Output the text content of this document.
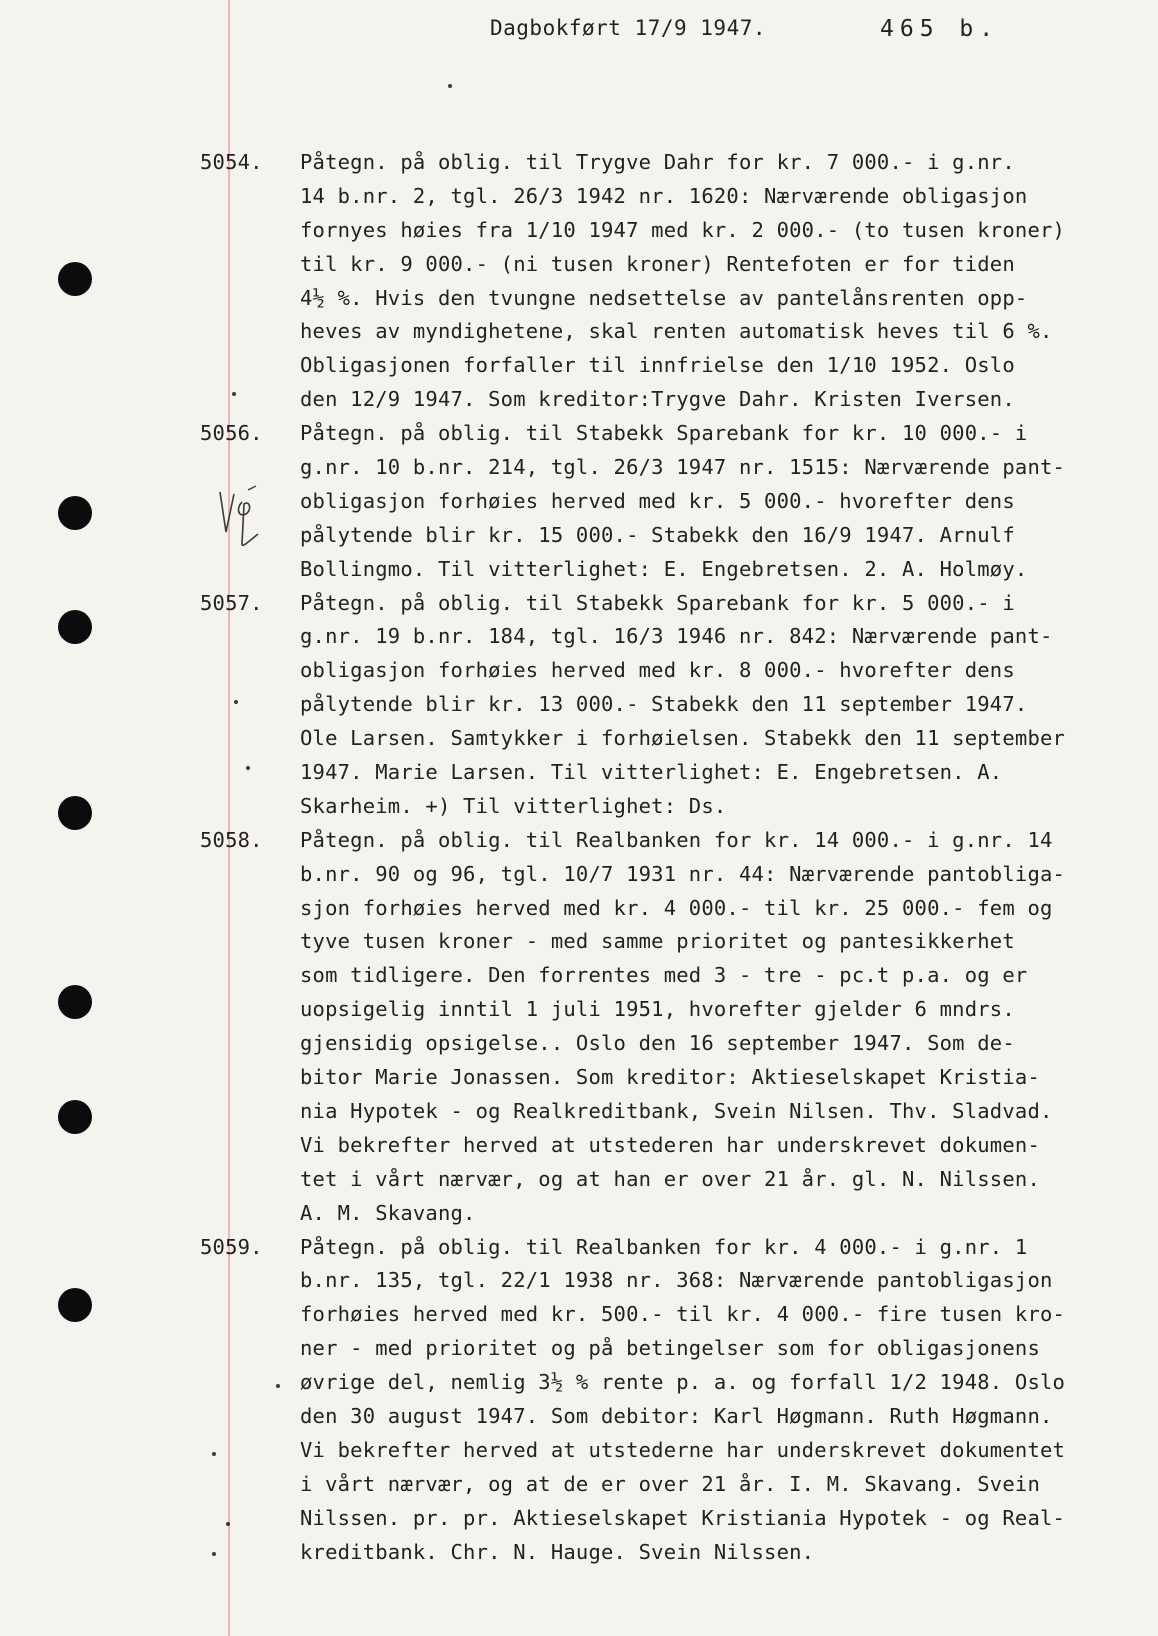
Dagbokført 17/9 1947.	465 b.
5054. Påtegn. på oblig. til Trygve Dahr for kr. 7 000.- i g.nr.
14 b.nr. 2, tgl. 26/3 1942 nr. 1620: Nærværende obligasjon
fornyes høies fra 1/10 1947 med kr. 2 000.- (to tusen kroner)
til kr. 9 000.- (ni tusen kroner) Rentefoten er for tiden
4½ %. Hvis den tvungne nedsettelse av pantelånsrenten opp-
heves av myndighetene, skal renten automatisk heves til 6 %.
Obligasjonen forfaller til innfrielse den 1/10 1952. Oslo
den 12/9 1947. Som kreditor:Trygve Dahr. Kristen Iversen.
5056. Påtegn. på oblig. til Stabekk Sparebank for kr. 10 000.- i
g.nr. 10 b.nr. 214, tgl. 26/3 1947 nr. 1515: Nærværende pant-
obligasjon forhøies herved med kr. 5 000.- hvorefter dens
pålytende blir kr. 15 000.- Stabekk den 16/9 1947. Arnulf
Bollingmo. Til vitterlighet: E. Engebretsen. 2. A. Holmøy.
5057. Påtegn. på oblig. til Stabekk Sparebank for kr. 5 000.- i
g.nr. 19 b.nr. 184, tgl. 16/3 1946 nr. 842: Nærværende pant-
obligasjon forhøies herved med kr. 8 000.- hvorefter dens
pålytende blir kr. 13 000.- Stabekk den 11 september 1947.
Ole Larsen. Samtykker i forhøielsen. Stabekk den 11 september
1947. Marie Larsen. Til vitterlighet: E. Engebretsen. A.
Skarheim. +) Til vitterlighet: Ds.
5058. Påtegn. på oblig. til Realbanken for kr. 14 000.- i g.nr. 14
b.nr. 90 og 96, tgl. 10/7 1931 nr. 44: Nærværende pantobliga-
sjon forhøies herved med kr. 4 000.- til kr. 25 000.- fem og
tyve tusen kroner - med samme prioritet og pantesikkerhet
som tidligere. Den forrentes med 3 - tre - pc.t p.a. og er
uopsigelig inntil 1 juli 1951, hvorefter gjelder 6 mndrs.
gjensidig opsigelse.. Oslo den 16 september 1947. Som de-
bitor Marie Jonassen. Som kreditor: Aktieselskapet Kristia-
nia Hypotek - og Realkreditbank, Svein Nilsen. Thv. Sladvad.
Vi bekrefter herved at utstederen har underskrevet dokumen-
tet i vårt nærvær, og at han er over 21 år. gl. N. Nilssen.
A. M. Skavang.
5059. Påtegn. på oblig. til Realbanken for kr. 4 000.- i g.nr. 1
b.nr. 135, tgl. 22/1 1938 nr. 368: Nærværende pantobligasjon
forhøies herved med kr. 500.- til kr. 4 000.- fire tusen kro-
ner - med prioritet og på betingelser som for obligasjonens
øvrige del, nemlig 3½ % rente p. a. og forfall 1/2 1948. Oslo
den 30 august 1947. Som debitor: Karl Høgmann. Ruth Høgmann.
Vi bekrefter herved at utstederne har underskrevet dokumentet
i vårt nærvær, og at de er over 21 år. I. M. Skavang. Svein
Nilssen. pr. pr. Aktieselskapet Kristiania Hypotek - og Real-
kreditbank. Chr. N. Hauge. Svein Nilssen.
